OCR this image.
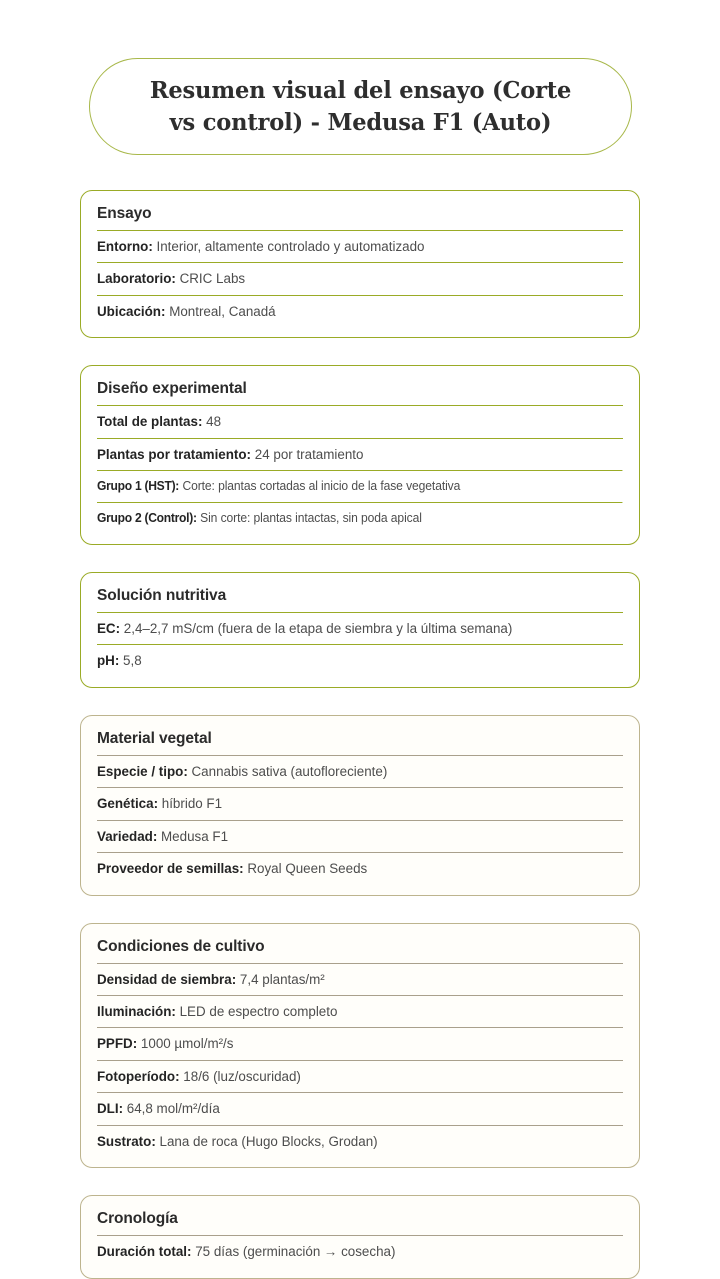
Resumen visual del ensayo (Corte vs control) - Medusa F1 (Auto)
Ensayo
Entorno: Interior, altamente controlado y automatizado
Laboratorio: CRIC Labs
Ubicación: Montreal, Canadá
Diseño experimental
Total de plantas: 48
Plantas por tratamiento: 24 por tratamiento
Grupo 1 (HST): Corte: plantas cortadas al inicio de la fase vegetativa
Grupo 2 (Control): Sin corte: plantas intactas, sin poda apical
Solución nutritiva
EC: 2,4–2,7 mS/cm (fuera de la etapa de siembra y la última semana)
pH: 5,8
Material vegetal
Especie / tipo: Cannabis sativa (autofloreciente)
Genética: híbrido F1
Variedad: Medusa F1
Proveedor de semillas: Royal Queen Seeds
Condiciones de cultivo
Densidad de siembra: 7,4 plantas/m²
Iluminación: LED de espectro completo
PPFD: 1000 µmol/m²/s
Fotoperíodo: 18/6 (luz/oscuridad)
DLI: 64,8 mol/m²/día
Sustrato: Lana de roca (Hugo Blocks, Grodan)
Cronología
Duración total: 75 días (germinación → cosecha)
